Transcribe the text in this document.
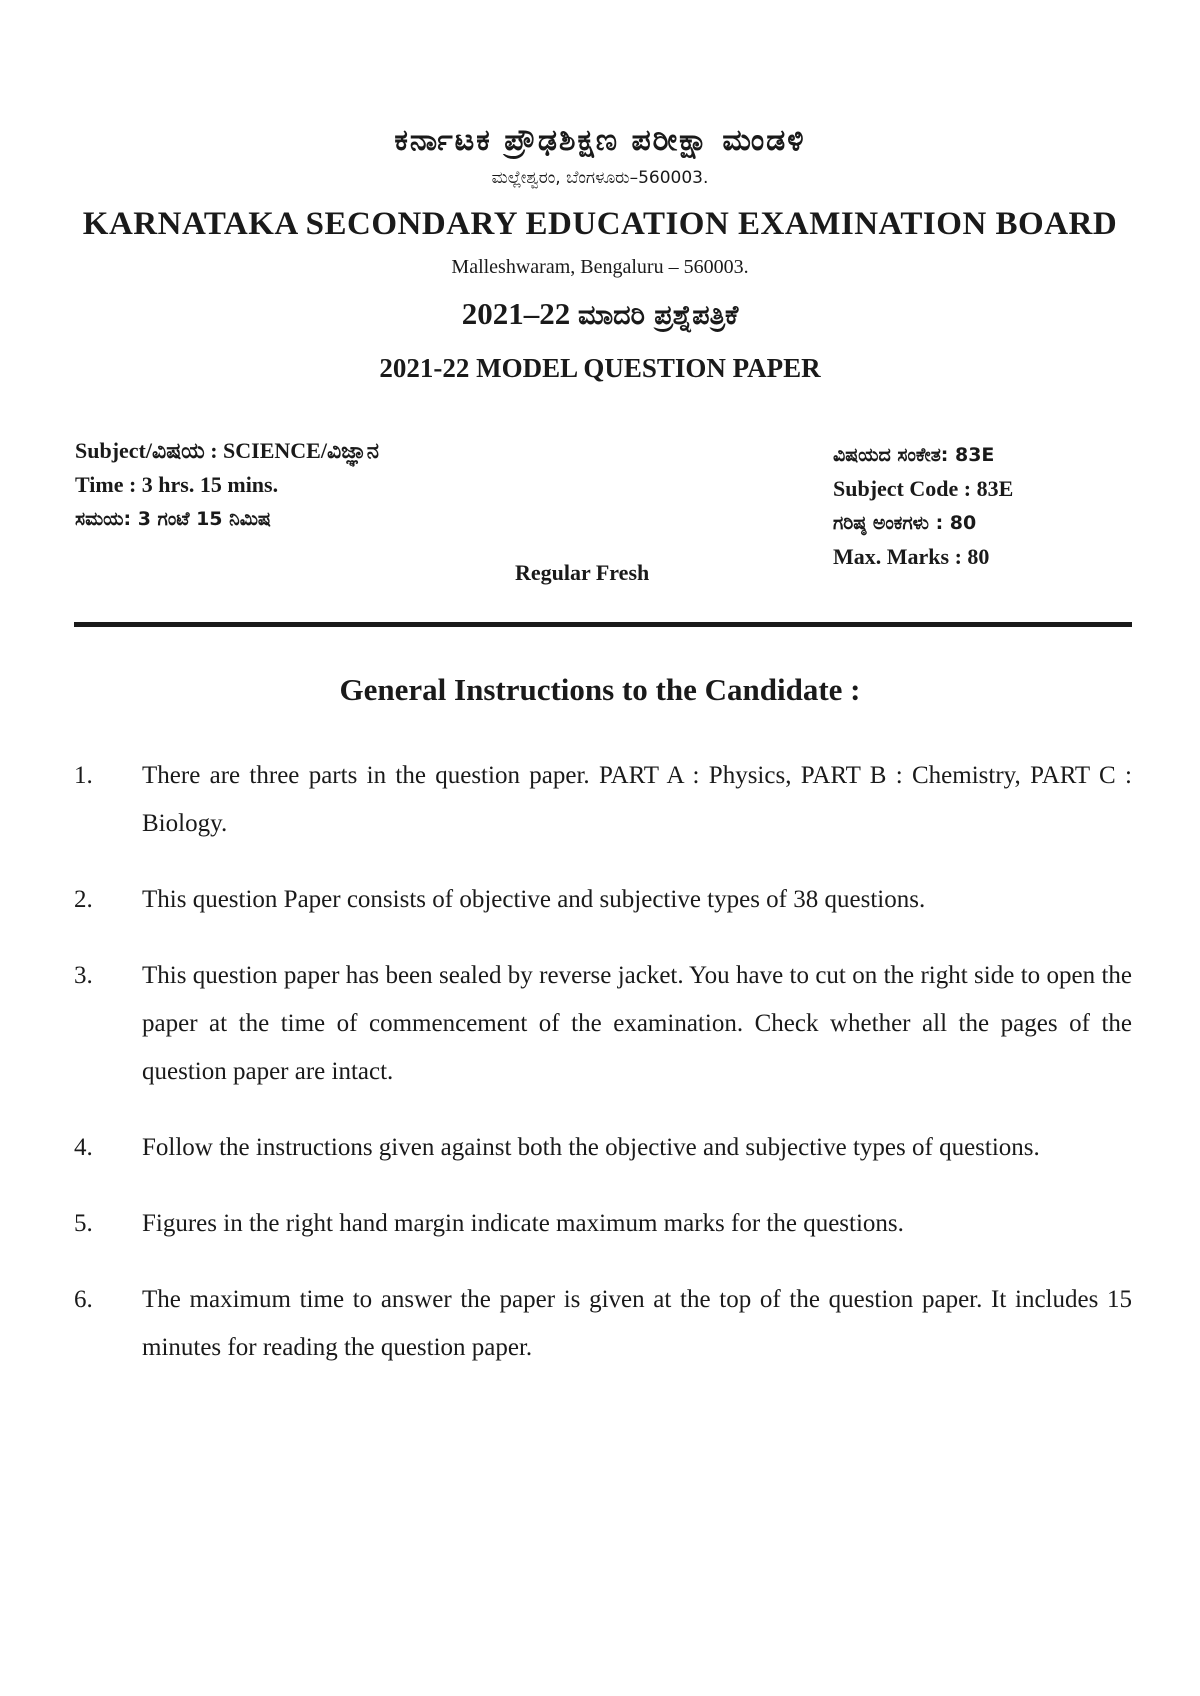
ಕರ್ನಾಟಕ ಪ್ರೌಢಶಿಕ್ಷಣ ಪರೀಕ್ಷಾ ಮಂಡಳಿ
ಮಲ್ಲೇಶ್ವರಂ, ಬೆಂಗಳೂರು–560003.
KARNATAKA SECONDARY EDUCATION EXAMINATION BOARD
Malleshwaram, Bengaluru – 560003.
2021–22 ಮಾದರಿ ಪ್ರಶ್ನೆಪತ್ರಿಕೆ
2021-22 MODEL QUESTION PAPER
Subject/ವಿಷಯ : SCIENCE/ವಿಜ್ಞಾನ
Time : 3 hrs. 15 mins.
ಸಮಯ: 3 ಗಂಟೆ 15 ನಿಮಿಷ
ವಿಷಯದ ಸಂಕೇತ: 83E
Subject Code : 83E
ಗರಿಷ್ಠ ಅಂಕಗಳು : 80
Max. Marks : 80
Regular Fresh
General Instructions to the Candidate :
1.	There are three parts in the question paper. PART A : Physics, PART B : Chemistry, PART C : Biology.
2.	This question Paper consists of objective and subjective types of 38 questions.
3.	This question paper has been sealed by reverse jacket. You have to cut on the right side to open the paper at the time of commencement of the examination. Check whether all the pages of the question paper are intact.
4.	Follow the instructions given against both the objective and subjective types of questions.
5.	Figures in the right hand margin indicate maximum marks for the questions.
6.	The maximum time to answer the paper is given at the top of the question paper. It includes 15 minutes for reading the question paper.
